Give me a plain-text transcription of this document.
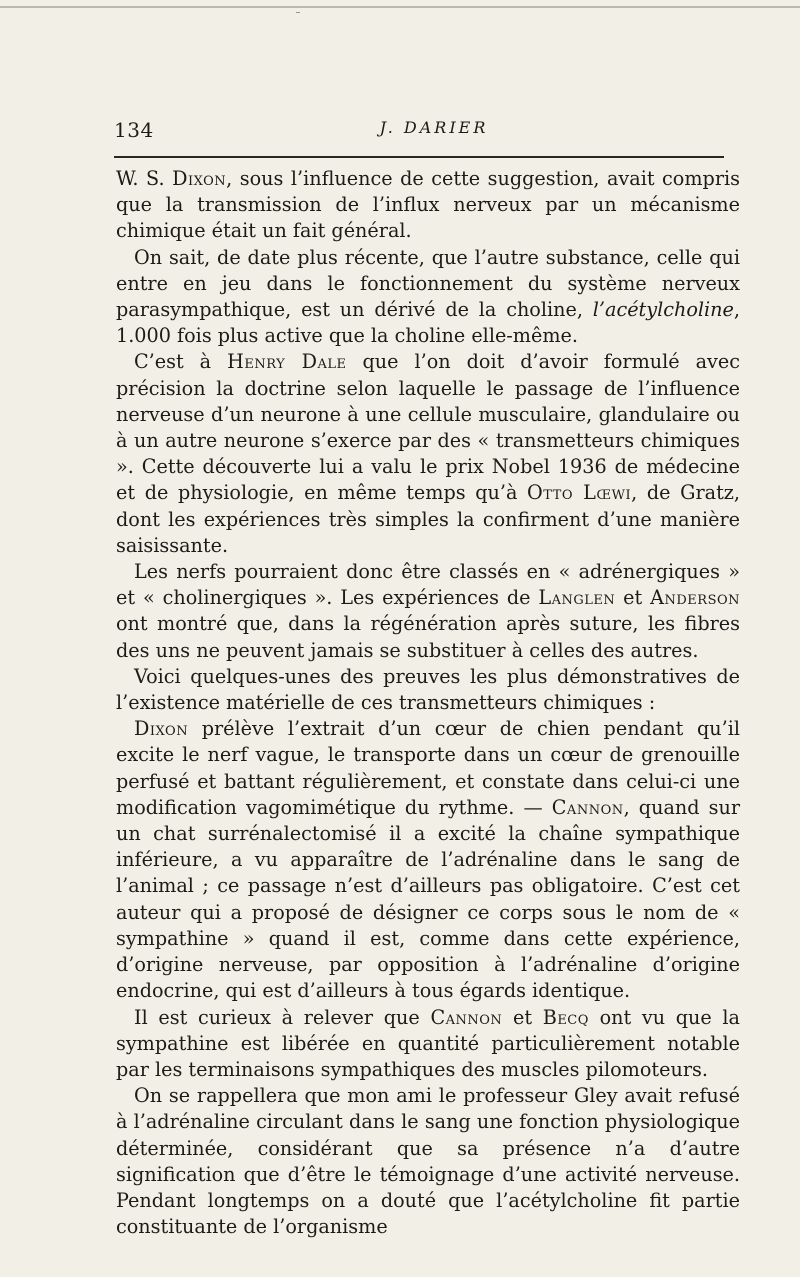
134	J. DARIER

W. S. Dixon, sous l’influence de cette suggestion, avait compris que la transmission de l’influx nerveux par un mécanisme chimique était un fait général.

On sait, de date plus récente, que l’autre substance, celle qui entre en jeu dans le fonctionnement du système nerveux parasympathique, est un dérivé de la choline, l’acétylcholine, 1.000 fois plus active que la choline elle-même.

C’est à Henry Dale que l’on doit d’avoir formulé avec précision la doctrine selon laquelle le passage de l’influence nerveuse d’un neurone à une cellule musculaire, glandulaire ou à un autre neurone s’exerce par des « transmetteurs chimiques ». Cette découverte lui a valu le prix Nobel 1936 de médecine et de physiologie, en même temps qu’à Otto Lœwi, de Gratz, dont les expériences très simples la confirment d’une manière saisissante.

Les nerfs pourraient donc être classés en « adrénergiques » et « cholinergiques ». Les expériences de Langlen et Anderson ont montré que, dans la régénération après suture, les fibres des uns ne peuvent jamais se substituer à celles des autres.

Voici quelques-unes des preuves les plus démonstratives de l’existence matérielle de ces transmetteurs chimiques :

Dixon prélève l’extrait d’un cœur de chien pendant qu’il excite le nerf vague, le transporte dans un cœur de grenouille perfusé et battant régulièrement, et constate dans celui-ci une modification vagomimétique du rythme. — Cannon, quand sur un chat surrénalectomisé il a excité la chaîne sympathique inférieure, a vu apparaître de l’adrénaline dans le sang de l’animal ; ce passage n’est d’ailleurs pas obligatoire. C’est cet auteur qui a proposé de désigner ce corps sous le nom de « sympathine » quand il est, comme dans cette expérience, d’origine nerveuse, par opposition à l’adrénaline d’origine endocrine, qui est d’ailleurs à tous égards identique.

Il est curieux à relever que Cannon et Becq ont vu que la sympathine est libérée en quantité particulièrement notable par les terminaisons sympathiques des muscles pilomoteurs.

On se rappellera que mon ami le professeur Gley avait refusé à l’adrénaline circulant dans le sang une fonction physiologique déterminée, considérant que sa présence n’a d’autre signification que d’être le témoignage d’une activité nerveuse. Pendant longtemps on a douté que l’acétylcholine fit partie constituante de l’organisme
